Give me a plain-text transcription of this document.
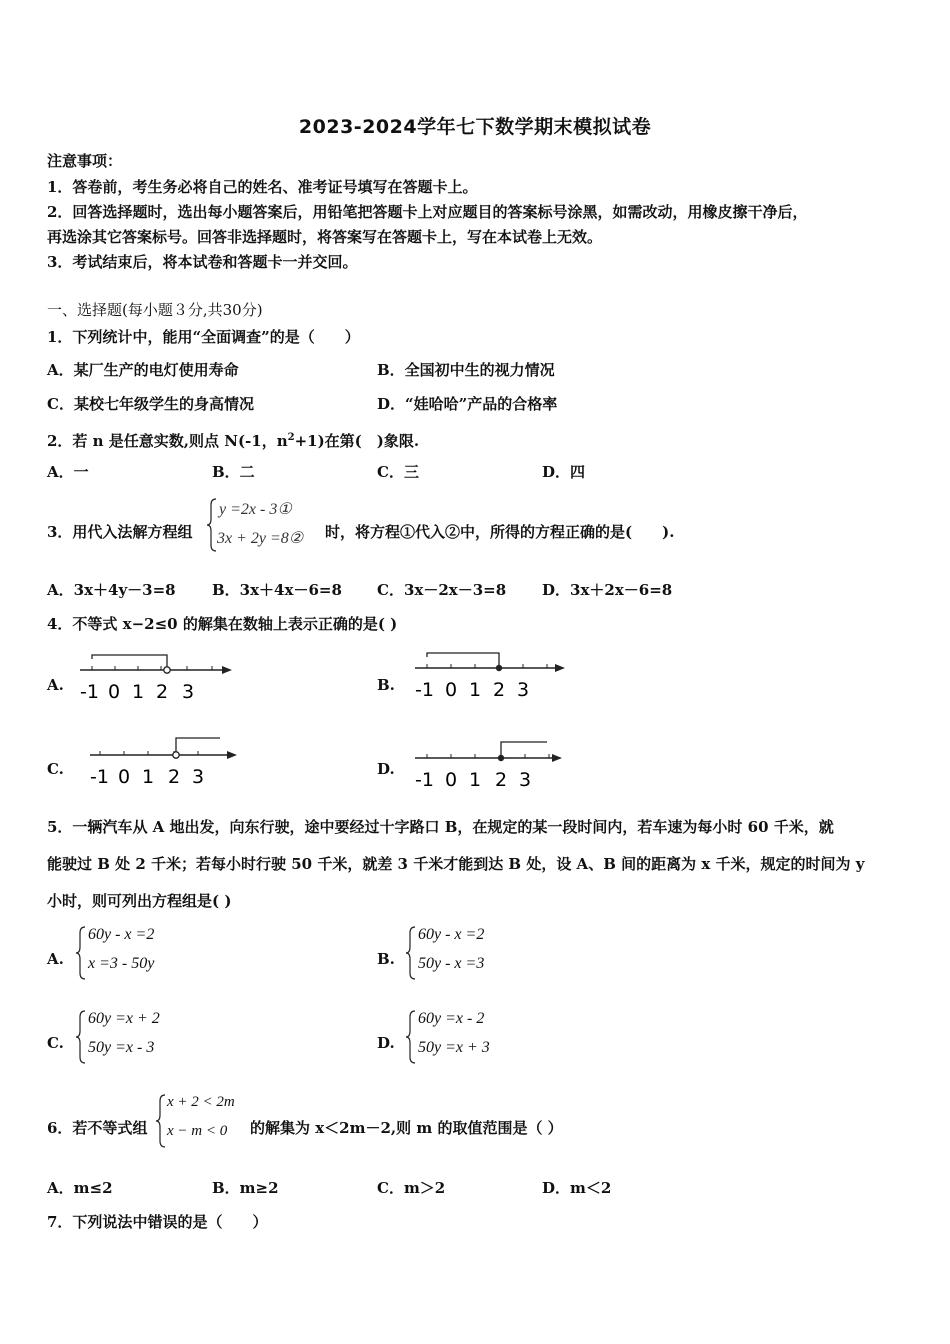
2023-2024学年七下数学期末模拟试卷
注意事项：
1．答卷前，考生务必将自己的姓名、准考证号填写在答题卡上。
2．回答选择题时，选出每小题答案后，用铅笔把答题卡上对应题目的答案标号涂黑，如需改动，用橡皮擦干净后，
再选涂其它答案标号。回答非选择题时，将答案写在答题卡上，写在本试卷上无效。
3．考试结束后，将本试卷和答题卡一并交回。
一、选择题(每小题３分,共30分)
1．下列统计中，能用“全面调查”的是（　　）
A．某厂生产的电灯使用寿命	B．全国初中生的视力情况
C．某校七年级学生的身高情况	D．“娃哈哈”产品的合格率
2．若 n 是任意实数,则点 N(-1，$n^2+1$)在第(　)象限.
A．一	B．二	C．三	D．四
3．用代入法解方程组
y =2x - 3①
3x + 2y =8② 时，将方程①代入②中，所得的方程正确的是(　　).
A．3x＋4y－3=8 B．3x＋4x－6=8 C．3x－2x－3=8 D．3x＋2x－6=8
4．不等式 x−2≤0 的解集在数轴上表示正确的是( )
A. -1 0 1 2 3	B. -1 0 1 2 3
C. -1 0 1 2 3	D. -1 0 1 2 3
5．一辆汽车从 A 地出发，向东行驶，途中要经过十字路口 B，在规定的某一段时间内，若车速为每小时 60 千米，就
能驶过 B 处 2 千米；若每小时行驶 50 千米，就差 3 千米才能到达 B 处，设 A、B 间的距离为 x 千米，规定的时间为 y
小时，则可列出方程组是( )
A.
60y - x =2
x =3 - 50y	B.
60y - x =2
50y - x =3
C.
60y =x + 2
50y =x - 3	D.
60y =x - 2
50y =x + 3
6．若不等式组
x + 2 < 2m
x − m < 0 的解集为 x＜2m－2,则 m 的取值范围是（ ）
A．m≤2	B．m≥2	C．m＞2	D．m＜2
7．下列说法中错误的是（　　）
